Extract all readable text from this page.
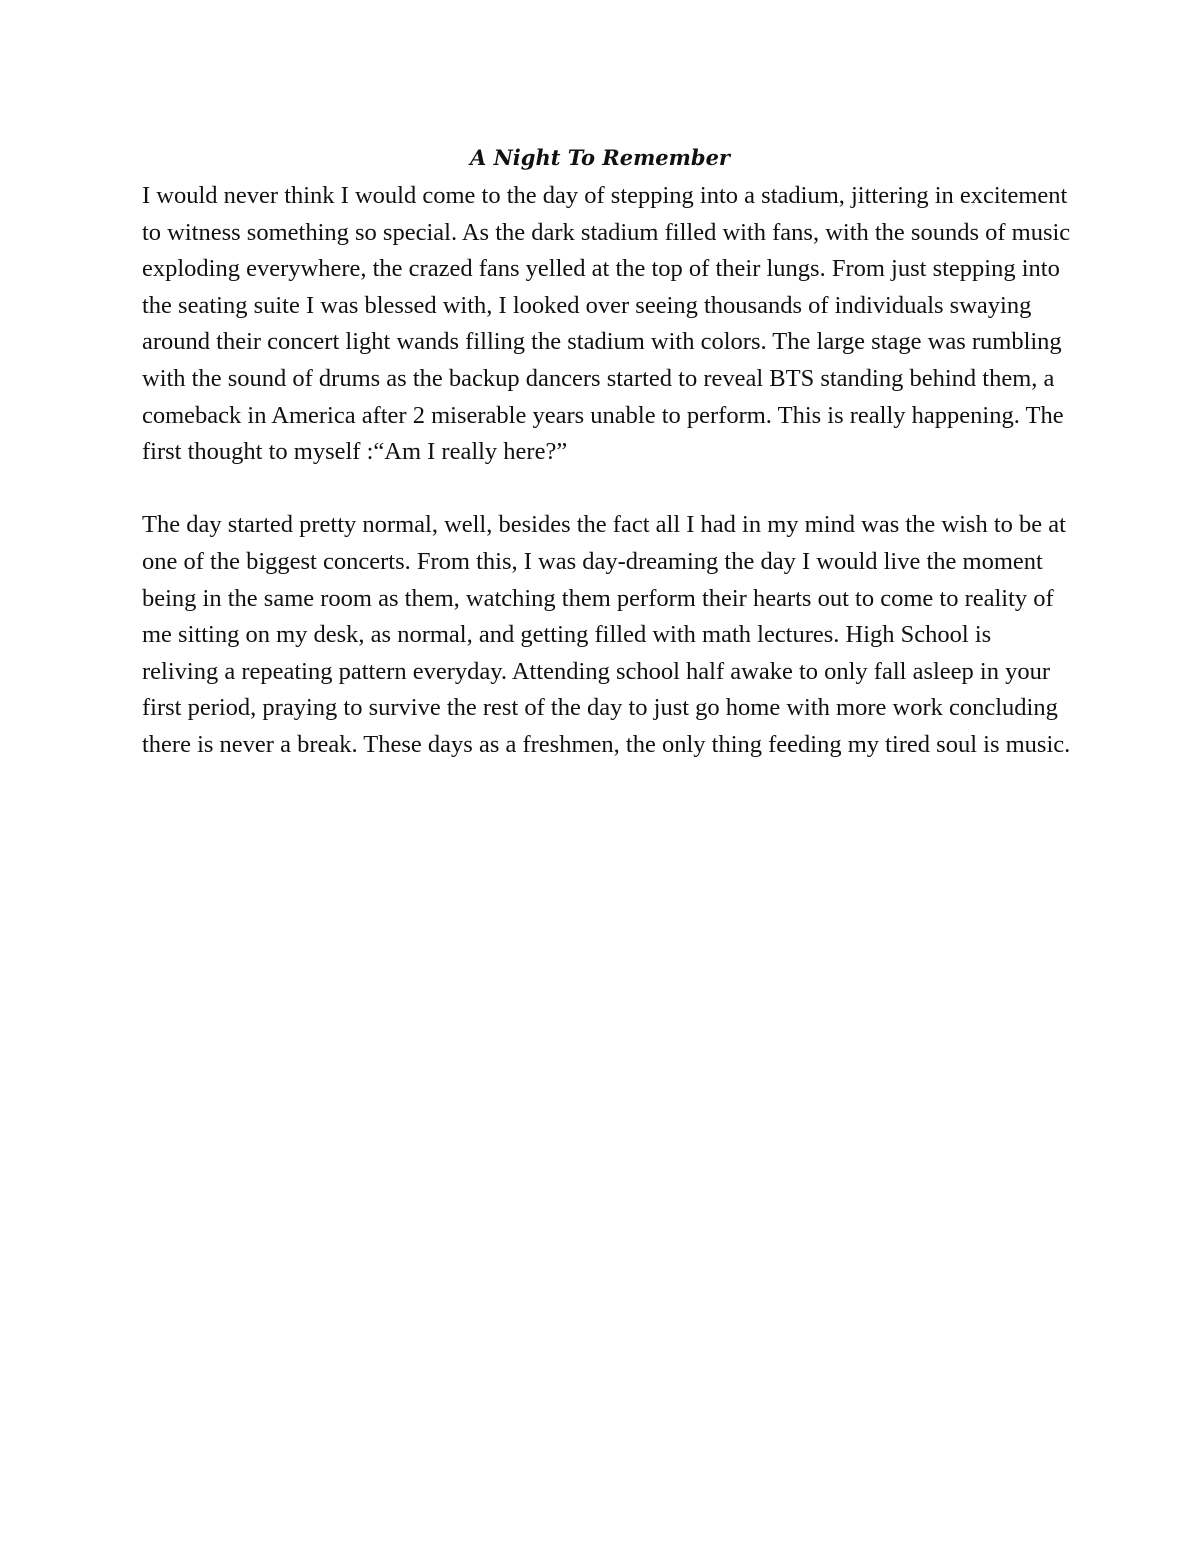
A Night To Remember

I would never think I would come to the day of stepping into a stadium, jittering in excitement to witness something so special. As the dark stadium filled with fans, with the sounds of music exploding everywhere, the crazed fans yelled at the top of their lungs. From just stepping into the seating suite I was blessed with, I looked over seeing thousands of individuals swaying around their concert light wands filling the stadium with colors. The large stage was rumbling with the sound of drums as the backup dancers started to reveal BTS standing behind them, a comeback in America after 2 miserable years unable to perform. This is really happening. The first thought to myself :“Am I really here?”

The day started pretty normal, well, besides the fact all I had in my mind was the wish to be at one of the biggest concerts. From this, I was day-dreaming the day I would live the moment being in the same room as them, watching them perform their hearts out to come to reality of me sitting on my desk, as normal, and getting filled with math lectures. High School is reliving a repeating pattern everyday. Attending school half awake to only fall asleep in your first period, praying to survive the rest of the day to just go home with more work concluding there is never a break. These days as a freshmen, the only thing feeding my tired soul is music.
